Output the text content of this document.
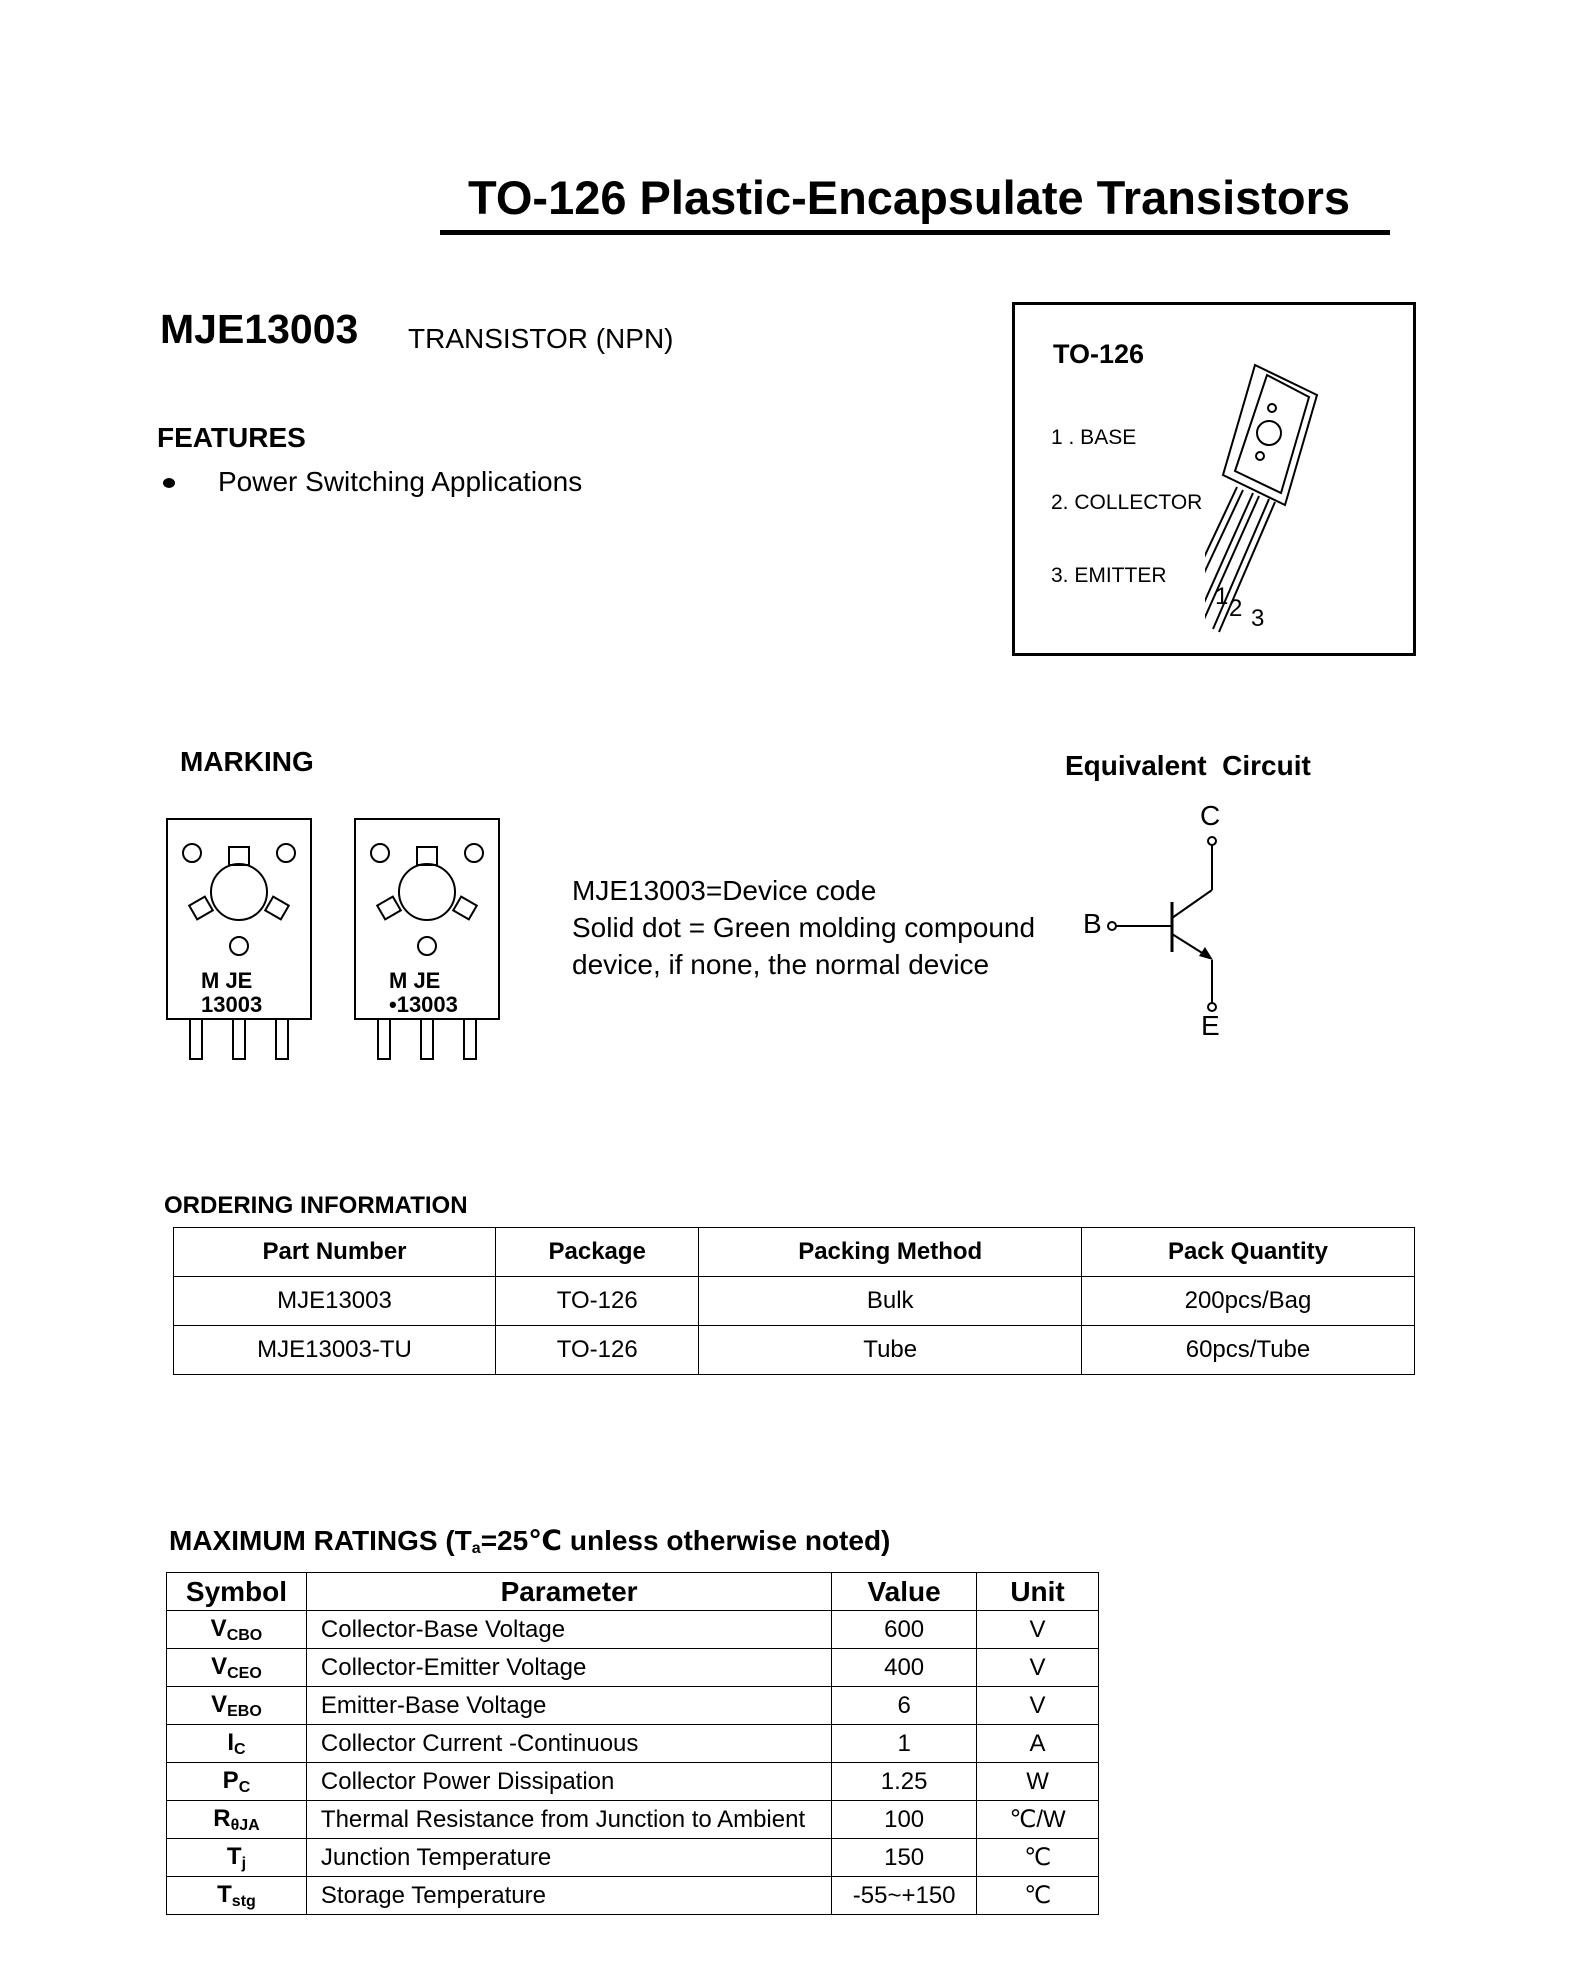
TO-126 Plastic-Encapsulate Transistors
MJE13003 TRANSISTOR (NPN)
FEATURES
Power Switching Applications
TO-126
1 . BASE
2. COLLECTOR
3. EMITTER
1 2 3
MARKING
M JE
13003
M JE
•13003
MJE13003=Device code
Solid dot = Green molding compound
device, if none, the normal device
Equivalent  Circuit
C
B
E
ORDERING INFORMATION
Part Number	Package	Packing Method	Pack Quantity
MJE13003	TO-126	Bulk	200pcs/Bag
MJE13003-TU	TO-126	Tube	60pcs/Tube
MAXIMUM RATINGS (Ta=25℃ unless otherwise noted)
Symbol	Parameter	Value	Unit
$V_{CBO}$	Collector-Base Voltage	600	V
$V_{CEO}$	Collector-Emitter Voltage	400	V
$V_{EBO}$	Emitter-Base Voltage	6	V
$I_C$	Collector Current -Continuous	1	A
$P_C$	Collector Power Dissipation	1.25	W
$R_{\theta JA}$	Thermal Resistance from Junction to Ambient	100	℃/W
$T_j$	Junction Temperature	150	℃
$T_{stg}$	Storage Temperature	-55~+150	℃
